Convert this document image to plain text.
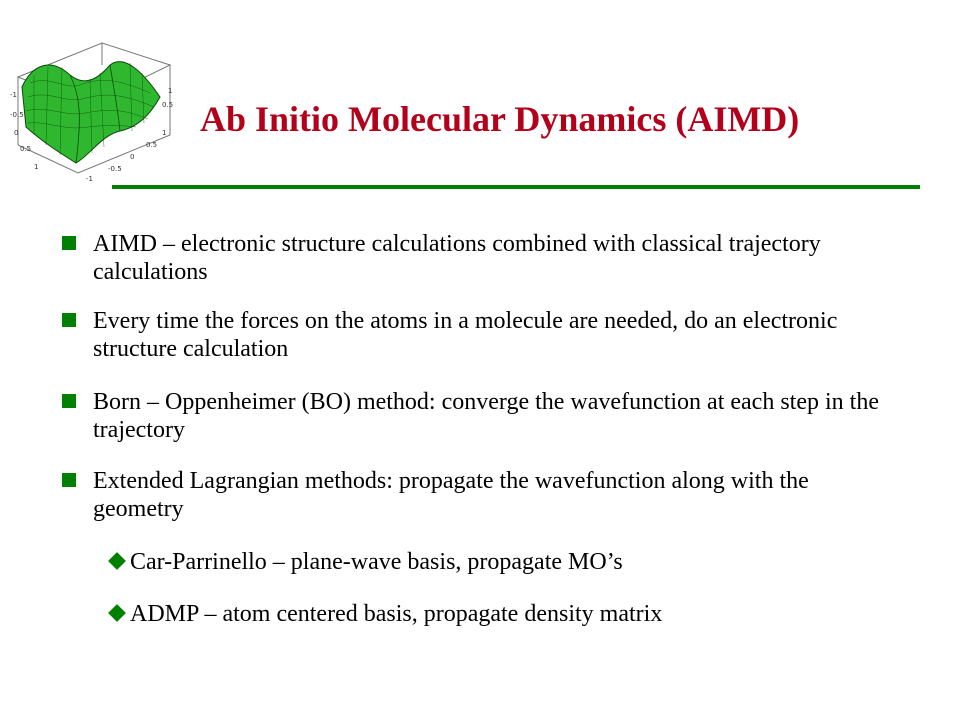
-1
-0.5
0
0.5
1
-1
-0.5
0
0.5
1
1
0.5 Ab Initio Molecular Dynamics (AIMD)
AIMD – electronic structure calculations combined with classical trajectory calculations
Every time the forces on the atoms in a molecule are needed, do an electronic structure calculation
Born – Oppenheimer (BO) method: converge the wavefunction at each step in the trajectory
Extended Lagrangian methods: propagate the wavefunction along with the geometry
Car-Parrinello – plane-wave basis, propagate MO’s
ADMP – atom centered basis, propagate density matrix
